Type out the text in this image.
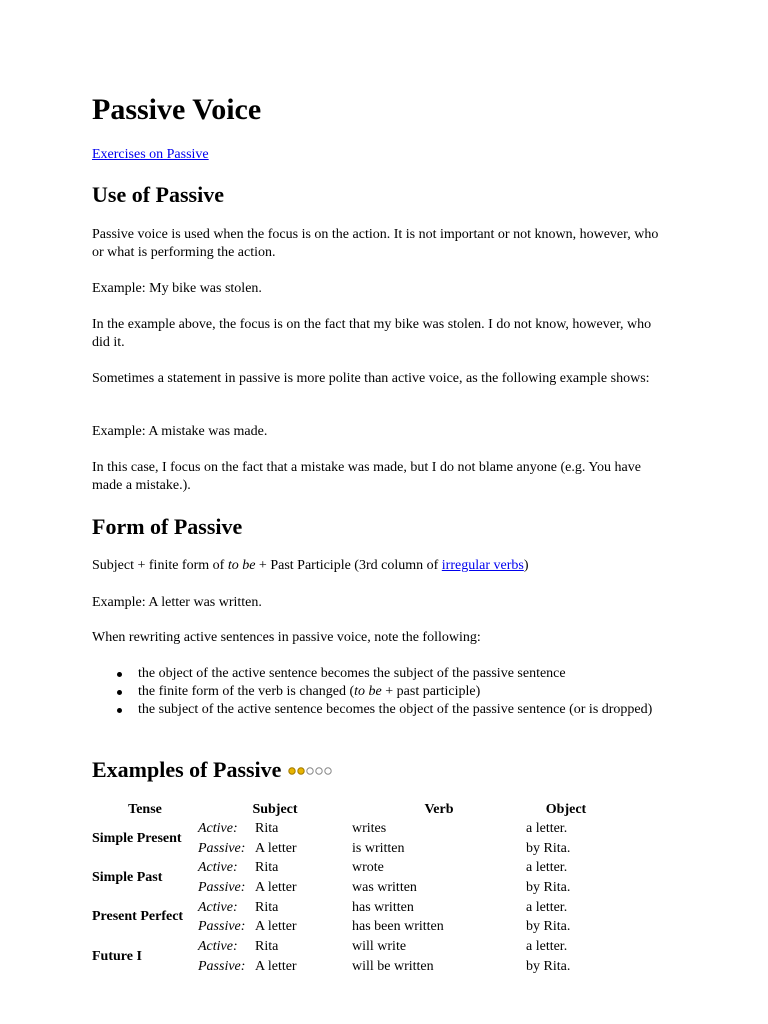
Passive Voice
Exercises on Passive
Use of Passive

Passive voice is used when the focus is on the action. It is not important or not known, however, who or what is performing the action.

Example: My bike was stolen.

In the example above, the focus is on the fact that my bike was stolen. I do not know, however, who did it.

Sometimes a statement in passive is more polite than active voice, as the following example shows:

Example: A mistake was made.

In this case, I focus on the fact that a mistake was made, but I do not blame anyone (e.g. You have made a mistake.).

Form of Passive

Subject + finite form of to be + Past Participle (3rd column of irregular verbs)

Example: A letter was written.

When rewriting active sentences in passive voice, note the following:

the object of the active sentence becomes the subject of the passive sentence
the finite form of the verb is changed (to be + past participle)
the subject of the active sentence becomes the object of the passive sentence (or is dropped)
Examples of Passive
Tense	Subject		Verb	Object
Simple Present	Active:	Rita	writes	a letter.
	Passive:	A letter	is written	by Rita.
Simple Past	Active:	Rita	wrote	a letter.
	Passive:	A letter	was written	by Rita.
Present Perfect	Active:	Rita	has written	a letter.
	Passive:	A letter	has been written	by Rita.
Future I	Active:	Rita	will write	a letter.
	Passive:	A letter	will be written	by Rita.
